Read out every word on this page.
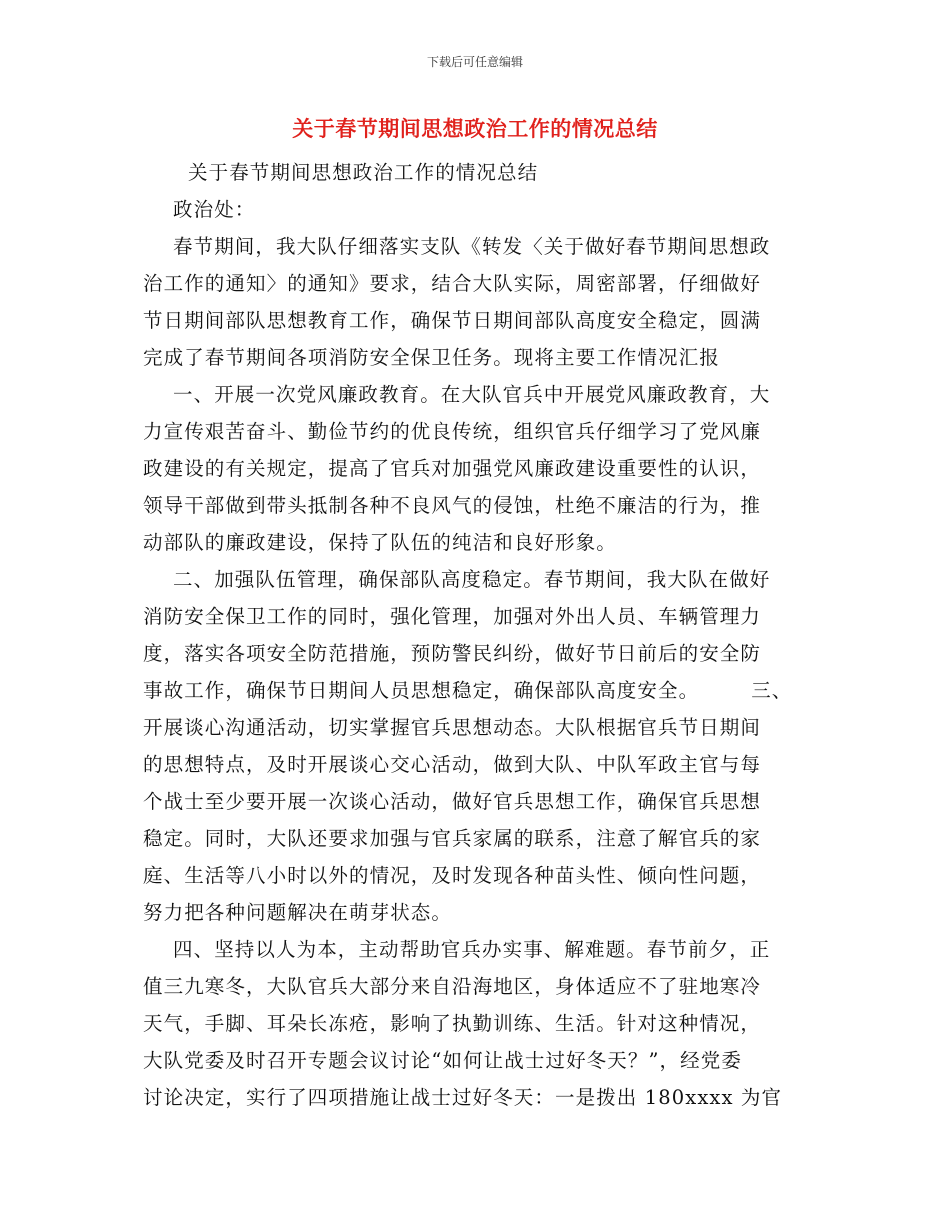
下载后可任意编辑
关于春节期间思想政治工作的情况总结
关于春节期间思想政治工作的情况总结
政治处：
春节期间，我大队仔细落实支队《转发〈关于做好春节期间思想政
治工作的通知〉的通知》要求，结合大队实际，周密部署，仔细做好
节日期间部队思想教育工作，确保节日期间部队高度安全稳定，圆满
完成了春节期间各项消防安全保卫任务。现将主要工作情况汇报
一、开展一次党风廉政教育。在大队官兵中开展党风廉政教育，大
力宣传艰苦奋斗、勤俭节约的优良传统，组织官兵仔细学习了党风廉
政建设的有关规定，提高了官兵对加强党风廉政建设重要性的认识，
领导干部做到带头抵制各种不良风气的侵蚀，杜绝不廉洁的行为，推
动部队的廉政建设，保持了队伍的纯洁和良好形象。
二、加强队伍管理，确保部队高度稳定。春节期间，我大队在做好
消防安全保卫工作的同时，强化管理，加强对外出人员、车辆管理力
度，落实各项安全防范措施，预防警民纠纷，做好节日前后的安全防
事故工作，确保节日期间人员思想稳定，确保部队高度安全。	三、
开展谈心沟通活动，切实掌握官兵思想动态。大队根据官兵节日期间
的思想特点，及时开展谈心交心活动，做到大队、中队军政主官与每
个战士至少要开展一次谈心活动，做好官兵思想工作，确保官兵思想
稳定。同时，大队还要求加强与官兵家属的联系，注意了解官兵的家
庭、生活等八小时以外的情况，及时发现各种苗头性、倾向性问题，
努力把各种问题解决在萌芽状态。
四、坚持以人为本，主动帮助官兵办实事、解难题。春节前夕，正
值三九寒冬，大队官兵大部分来自沿海地区，身体适应不了驻地寒冷
天气，手脚、耳朵长冻疮，影响了执勤训练、生活。针对这种情况，
大队党委及时召开专题会议讨论“如何让战士过好冬天？”，经党委
讨论决定，实行了四项措施让战士过好冬天：一是拨出 180xxxx 为官
